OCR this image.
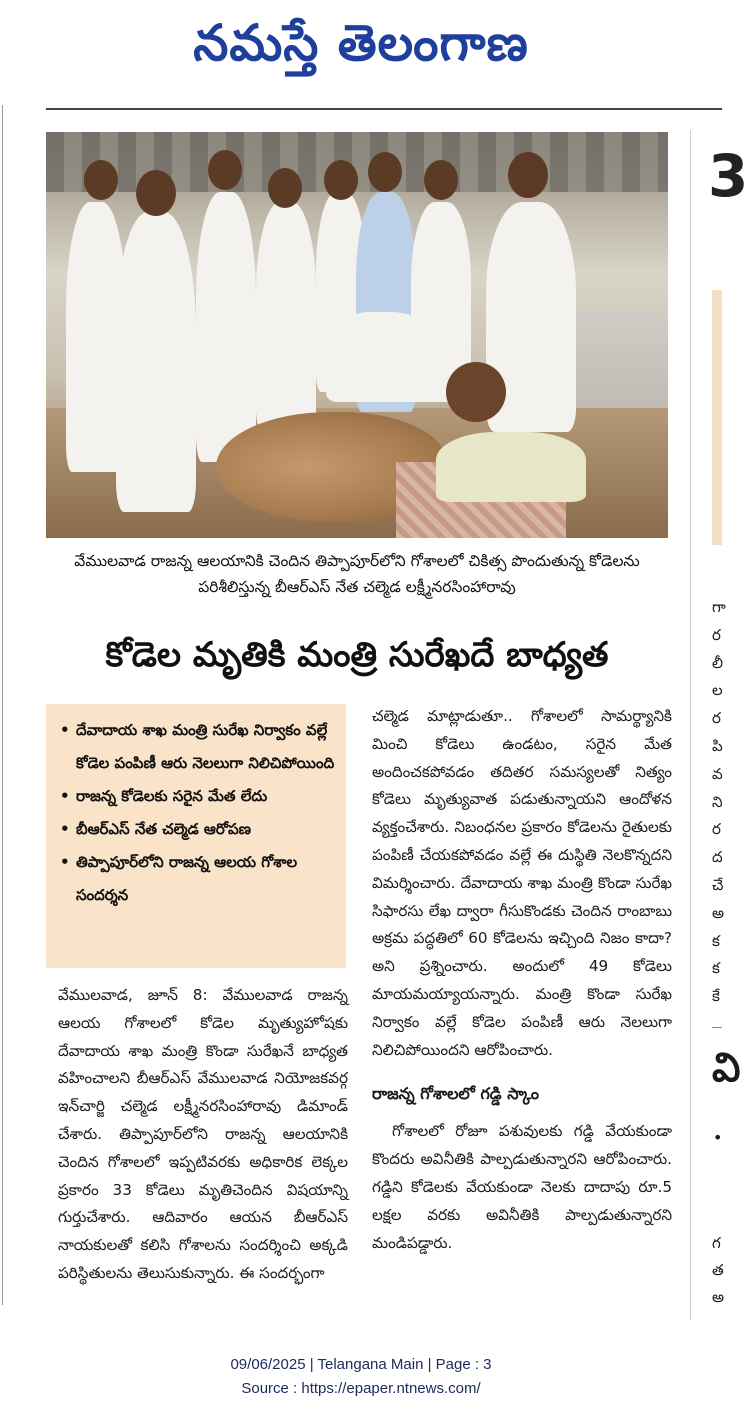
నమస్తే తెలంగాణ
వేములవాడ రాజన్న ఆలయానికి చెందిన తిప్పాపూర్‌లోని గోశాలలో చికిత్స పొందుతున్న కోడెలను పరిశీలిస్తున్న బీఆర్‌ఎస్ నేత చల్మెడ లక్ష్మీనరసింహారావు
కోడెల మృతికి మంత్రి సురేఖదే బాధ్యత
• దేవాదాయ శాఖ మంత్రి సురేఖ నిర్వాకం వల్లే కోడెల పంపిణీ ఆరు నెలలుగా నిలిచిపోయింది
• రాజన్న కోడెలకు సరైన మేత లేదు
• బీఆర్‌ఎస్ నేత చల్మెడ ఆరోపణ
• తిప్పాపూర్‌లోని రాజన్న ఆలయ గోశాల సందర్శన

వేములవాడ, జూన్ 8: వేములవాడ రాజన్న ఆలయ గోశాలలో కోడెల మృత్యుహోషకు దేవాదాయ శాఖ మంత్రి కొండా సురేఖనే బాధ్యత వహించాలని బీఆర్‌ఎస్ వేములవాడ నియోజకవర్గ ఇన్‌చార్జి చల్మెడ లక్ష్మీనరసింహారావు డిమాండ్ చేశారు. తిప్పాపూర్‌లోని రాజన్న ఆలయానికి చెందిన గోశాలలో ఇప్పటివరకు అధికారిక లెక్కల ప్రకారం 33 కోడెలు మృతిచెందిన విషయాన్ని గుర్తుచేశారు. ఆదివారం ఆయన బీఆర్‌ఎస్ నాయకులతో కలిసి గోశాలను సందర్శించి అక్కడి పరిస్థితులను తెలుసుకున్నారు. ఈ సందర్భంగా

చల్మెడ మాట్లాడుతూ.. గోశాలలో సామర్థ్యానికి మించి కోడెలు ఉండటం, సరైన మేత అందించకపోవడం తదితర సమస్యలతో నిత్యం కోడెలు మృత్యువాత పడుతున్నాయని ఆందోళన వ్యక్తంచేశారు. నిబంధనల ప్రకారం కోడెలను రైతులకు పంపిణీ చేయకపోవడం వల్లే ఈ దుస్థితి నెలకొన్నదని విమర్శించారు. దేవాదాయ శాఖ మంత్రి కొండా సురేఖ సిఫారసు లేఖ ద్వారా గీసుకొండకు చెందిన రాంబాబు అక్రమ పద్ధతిలో 60 కోడెలను ఇచ్చింది నిజం కాదా? అని ప్రశ్నించారు. అందులో 49 కోడెలు మాయమయ్యాయన్నారు. మంత్రి కొండా సురేఖ నిర్వాకం వల్లే కోడెల పంపిణీ ఆరు నెలలుగా నిలిచిపోయిందని ఆరోపించారు.

రాజన్న గోశాలలో గడ్డి స్కాం

గోశాలలో రోజూ పశువులకు గడ్డి వేయకుండా కొందరు అవినీతికి పాల్పడుతున్నారని ఆరోపించారు. గడ్డిని కోడెలకు వేయకుండా నెలకు దాదాపు రూ.5 లక్షల వరకు అవినీతికి పాల్పడుతున్నారని మండిపడ్డారు.

3
గా ర లీ ల ర పి వ ని ర ద చే అ క క కే
వి
•
గ త అ
09/06/2025 | Telangana Main | Page : 3
Source : https://epaper.ntnews.com/
